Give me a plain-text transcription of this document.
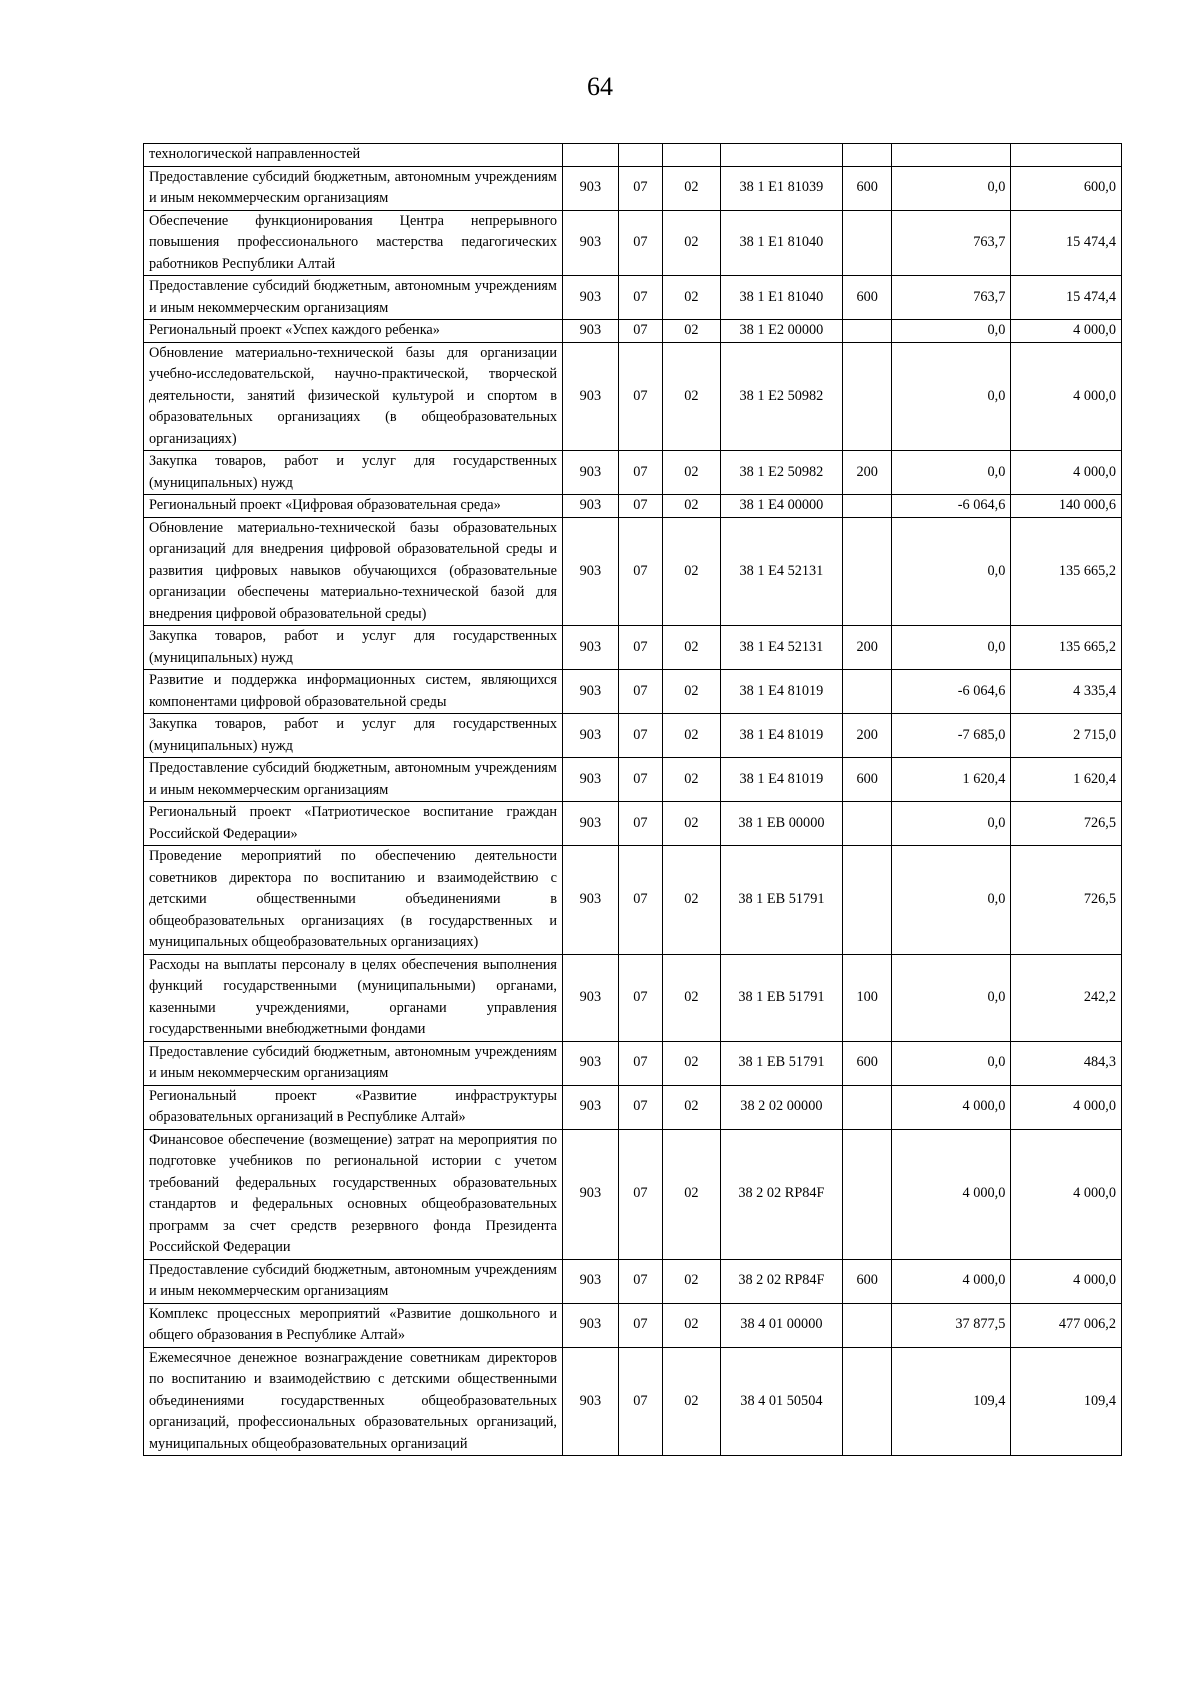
64
технологической направленностей							
Предоставление субсидий бюджетным, автономным учреждениям и иным некоммерческим организациям	903	07	02	38 1 E1 81039	600	0,0	600,0
Обеспечение функционирования Центра непрерывного повышения профессионального мастерства педагогических работников Республики Алтай	903	07	02	38 1 E1 81040		763,7	15 474,4
Предоставление субсидий бюджетным, автономным учреждениям и иным некоммерческим организациям	903	07	02	38 1 E1 81040	600	763,7	15 474,4
Региональный проект «Успех каждого ребенка»	903	07	02	38 1 E2 00000		0,0	4 000,0
Обновление материально-технической базы для организации учебно-исследовательской, научно-практической, творческой деятельности, занятий физической культурой и спортом в образовательных организациях (в общеобразовательных организациях)	903	07	02	38 1 E2 50982		0,0	4 000,0
Закупка товаров, работ и услуг для государственных (муниципальных) нужд	903	07	02	38 1 E2 50982	200	0,0	4 000,0
Региональный проект «Цифровая образовательная среда»	903	07	02	38 1 E4 00000		-6 064,6	140 000,6
Обновление материально-технической базы образовательных организаций для внедрения цифровой образовательной среды и развития цифровых навыков обучающихся (образовательные организации обеспечены материально-технической базой для внедрения цифровой образовательной среды)	903	07	02	38 1 E4 52131		0,0	135 665,2
Закупка товаров, работ и услуг для государственных (муниципальных) нужд	903	07	02	38 1 E4 52131	200	0,0	135 665,2
Развитие и поддержка информационных систем, являющихся компонентами цифровой образовательной среды	903	07	02	38 1 E4 81019		-6 064,6	4 335,4
Закупка товаров, работ и услуг для государственных (муниципальных) нужд	903	07	02	38 1 E4 81019	200	-7 685,0	2 715,0
Предоставление субсидий бюджетным, автономным учреждениям и иным некоммерческим организациям	903	07	02	38 1 E4 81019	600	1 620,4	1 620,4
Региональный проект «Патриотическое воспитание граждан Российской Федерации»	903	07	02	38 1 EB 00000		0,0	726,5
Проведение мероприятий по обеспечению деятельности советников директора по воспитанию и взаимодействию с детскими общественными объединениями в общеобразовательных организациях (в государственных и муниципальных общеобразовательных организациях)	903	07	02	38 1 EB 51791		0,0	726,5
Расходы на выплаты персоналу в целях обеспечения выполнения функций государственными (муниципальными) органами, казенными учреждениями, органами управления государственными внебюджетными фондами	903	07	02	38 1 EB 51791	100	0,0	242,2
Предоставление субсидий бюджетным, автономным учреждениям и иным некоммерческим организациям	903	07	02	38 1 EB 51791	600	0,0	484,3
Региональный проект «Развитие инфраструктуры образовательных организаций в Республике Алтай»	903	07	02	38 2 02 00000		4 000,0	4 000,0
Финансовое обеспечение (возмещение) затрат на мероприятия по подготовке учебников по региональной истории с учетом требований федеральных государственных образовательных стандартов и федеральных основных общеобразовательных программ за счет средств резервного фонда Президента Российской Федерации	903	07	02	38 2 02 RP84F		4 000,0	4 000,0
Предоставление субсидий бюджетным, автономным учреждениям и иным некоммерческим организациям	903	07	02	38 2 02 RP84F	600	4 000,0	4 000,0
Комплекс процессных мероприятий «Развитие дошкольного и общего образования в Республике Алтай»	903	07	02	38 4 01 00000		37 877,5	477 006,2
Ежемесячное денежное вознаграждение советникам директоров по воспитанию и взаимодействию с детскими общественными объединениями государственных общеобразовательных организаций, профессиональных образовательных организаций, муниципальных общеобразовательных организаций	903	07	02	38 4 01 50504		109,4	109,4
